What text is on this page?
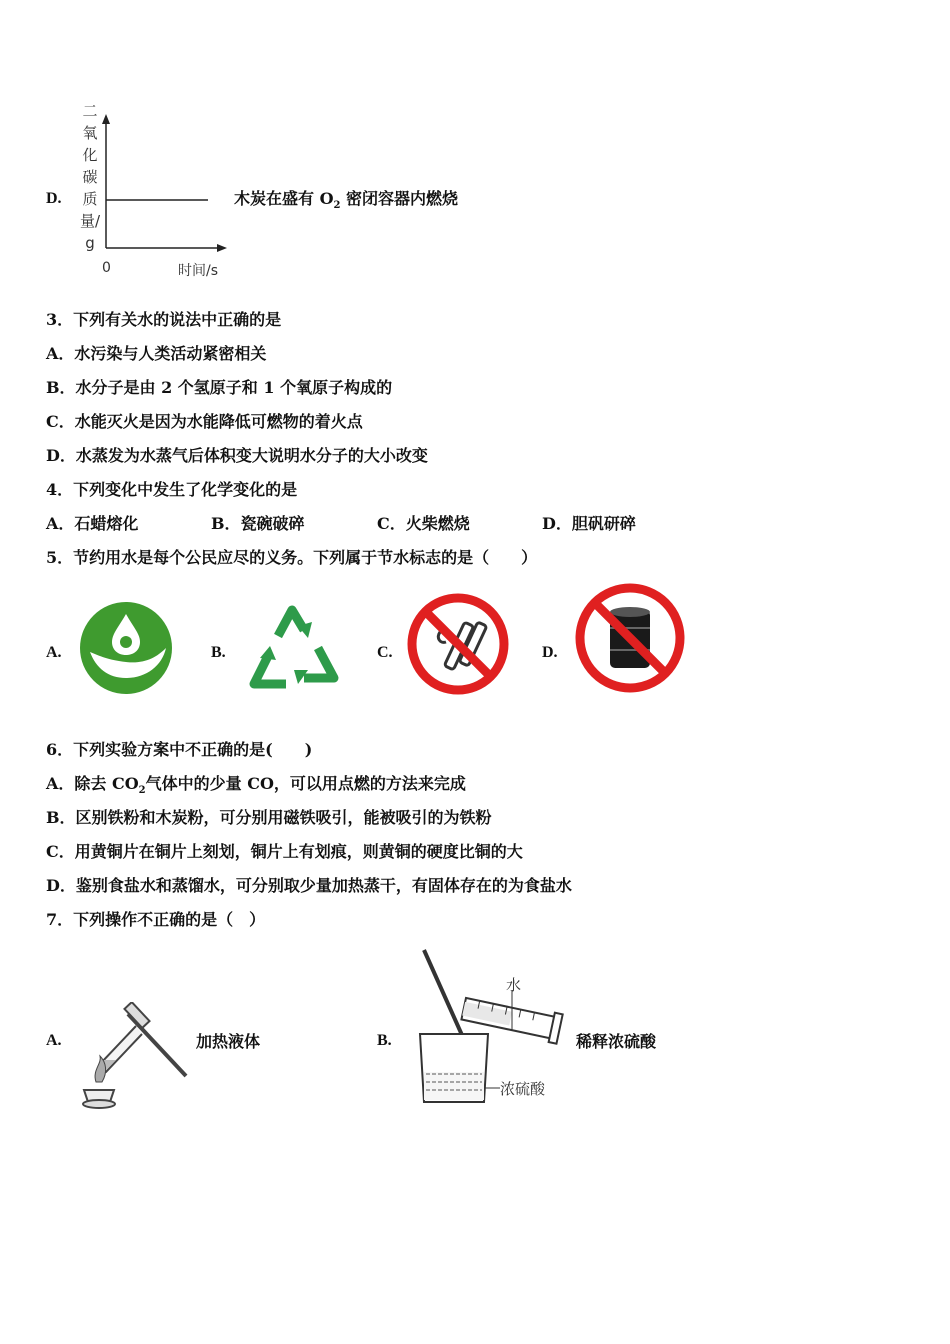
D.
二氧化碳质量/g
0	时间/s
木炭在盛有 $O_2$ 密闭容器内燃烧
3．下列有关水的说法中正确的是
A．水污染与人类活动紧密相关
B．水分子是由 2 个氢原子和 1 个氧原子构成的
C．水能灭火是因为水能降低可燃物的着火点
D．水蒸发为水蒸气后体积变大说明水分子的大小改变
4．下列变化中发生了化学变化的是
A．石蜡熔化	B．瓷碗破碎	C．火柴燃烧	D．胆矾研碎
5．节约用水是每个公民应尽的义务。下列属于节水标志的是（　　）
A.	B.	C.	D.
6．下列实验方案中不正确的是(　　)
A．除去 $CO_2$气体中的少量 CO，可以用点燃的方法来完成
B．区别铁粉和木炭粉，可分别用磁铁吸引，能被吸引的为铁粉
C．用黄铜片在铜片上刻划，铜片上有划痕，则黄铜的硬度比铜的大
D．鉴别食盐水和蒸馏水，可分别取少量加热蒸干，有固体存在的为食盐水
7．下列操作不正确的是（　）
A.	加热液体	B.
水
浓硫酸
稀释浓硫酸
